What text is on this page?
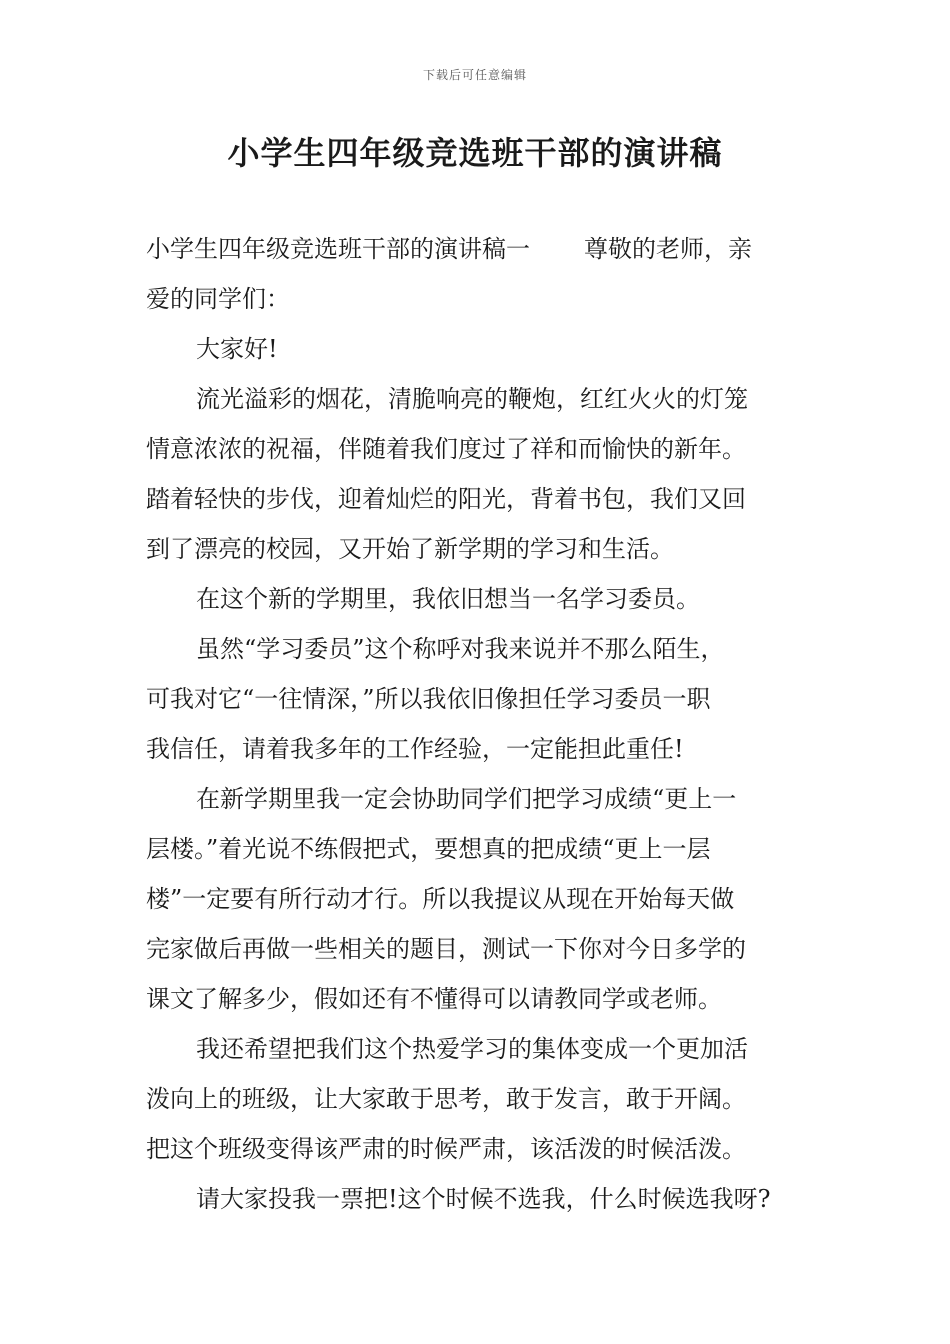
下载后可任意编辑
小学生四年级竞选班干部的演讲稿
小学生四年级竞选班干部的演讲稿一 尊敬的老师，亲
爱的同学们：
大家好!
流光溢彩的烟花，清脆响亮的鞭炮，红红火火的灯笼
情意浓浓的祝福，伴随着我们度过了祥和而愉快的新年。
踏着轻快的步伐，迎着灿烂的阳光，背着书包，我们又回
到了漂亮的校园，又开始了新学期的学习和生活。
在这个新的学期里，我依旧想当一名学习委员。
虽然“学习委员”这个称呼对我来说并不那么陌生，
可我对它“一往情深，”所以我依旧像担任学习委员一职
我信任，请着我多年的工作经验，一定能担此重任!
在新学期里我一定会协助同学们把学习成绩“更上一
层楼。”着光说不练假把式，要想真的把成绩“更上一层
楼”一定要有所行动才行。所以我提议从现在开始每天做
完家做后再做一些相关的题目，测试一下你对今日多学的
课文了解多少，假如还有不懂得可以请教同学或老师。
我还希望把我们这个热爱学习的集体变成一个更加活
泼向上的班级，让大家敢于思考，敢于发言，敢于开阔。
把这个班级变得该严肃的时候严肃，该活泼的时候活泼。
请大家投我一票把!这个时候不选我，什么时候选我呀?
